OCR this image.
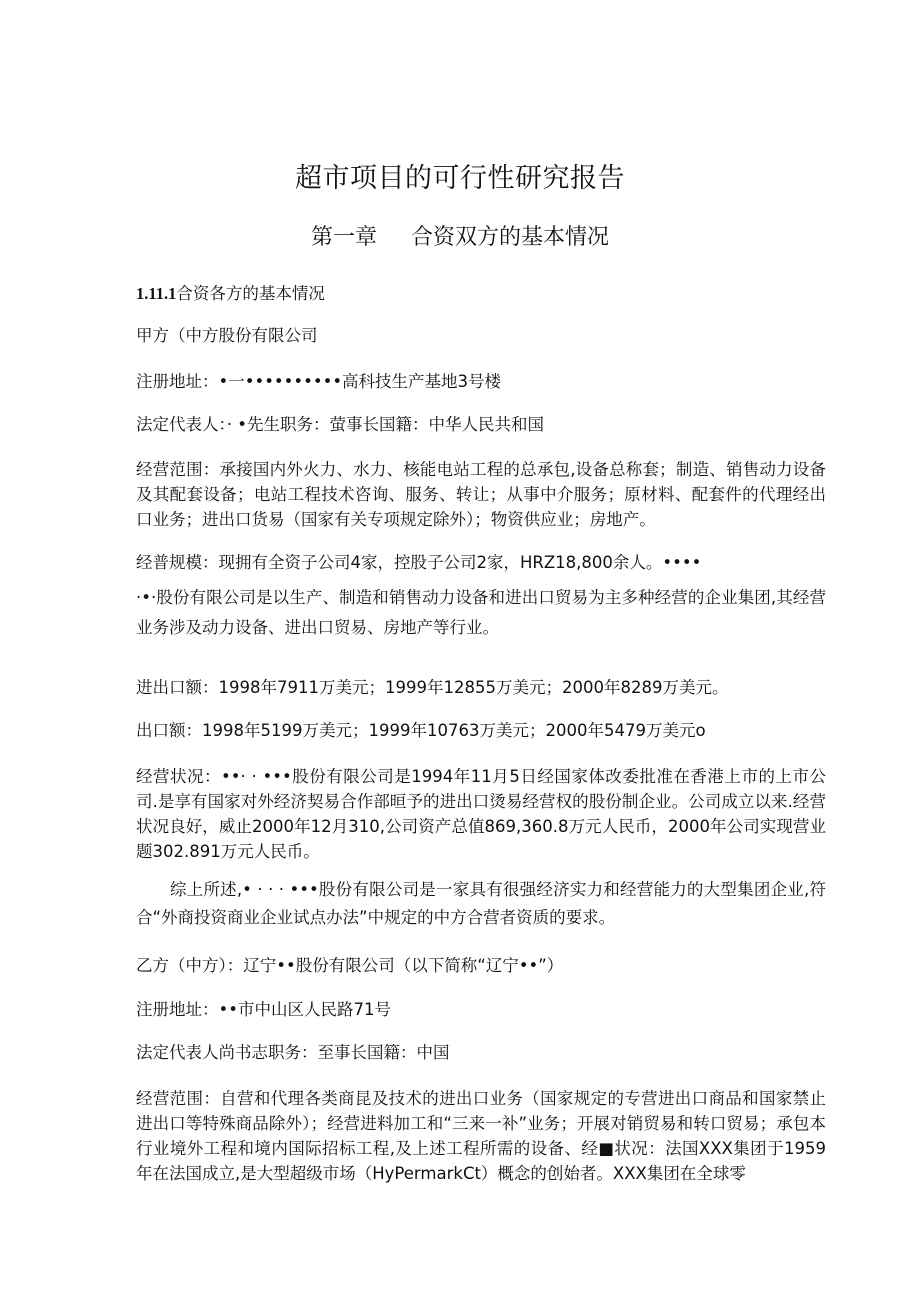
超市项目的可行性研究报告
第一章 合资双方的基本情况
1.11.1合资各方的基本情况
甲方（中方股份有限公司
注册地址：•一••••••••••高科技生产基地3号楼
法定代表人：· •先生职务：萤事长国籍：中华人民共和国
经营范围：承接国内外火力、水力、核能电站工程的总承包,设备总称套；制造、销售动力设备及其配套设备；电站工程技术咨询、服务、转让；从事中介服务；原材料、配套件的代理经出口业务；进出口货易（国家有关专项规定除外）；物资供应业；房地产。
经普规模：现拥有全资子公司4家，控股子公司2家，HRZ18,800余人。••••
·•·股份有限公司是以生产、制造和销售动力设备和进出口贸易为主多种经营的企业集团,其经营业务涉及动力设备、进出口贸易、房地产等行业。
进出口额：1998年7911万美元；1999年12855万美元；2000年8289万美元。
出口额：1998年5199万美元；1999年10763万美元；2000年5479万美元o
经营状况：••· · •••股份有限公司是1994年11月5日经国家体改委批准在香港上市的上市公司.是享有国家对外经济契易合作部晅予的进出口烫易经营权的股份制企业。公司成立以来.经营状况良好，威止2000年12月310,公司资产总值869,360.8万元人民币，2000年公司实现营业题302.891万元人民币。
综上所述,• · · · •••股份有限公司是一家具有很强经济实力和经营能力的大型集团企业,符合“外商投资商业企业试点办法”中规定的中方合营者资质的要求。
乙方（中方）：辽宁••股份有限公司（以下简称“辽宁••”）
注册地址：••市中山区人民路71号
法定代表人尚书志职务：至事长国籍：中国
经营范围：自营和代理各类商昆及技术的进出口业务（国家规定的专营进出口商品和国家禁止进出口等特殊商品除外）；经营进料加工和“三来一补”业务；开展对销贸易和转口贸易；承包本行业境外工程和境内国际招标工程,及上述工程所需的设备、经■状况：法国XXX集团于1959年在法国成立,是大型超级市场（HyPermarkCt）概念的创始者。XXX集团在全球零
